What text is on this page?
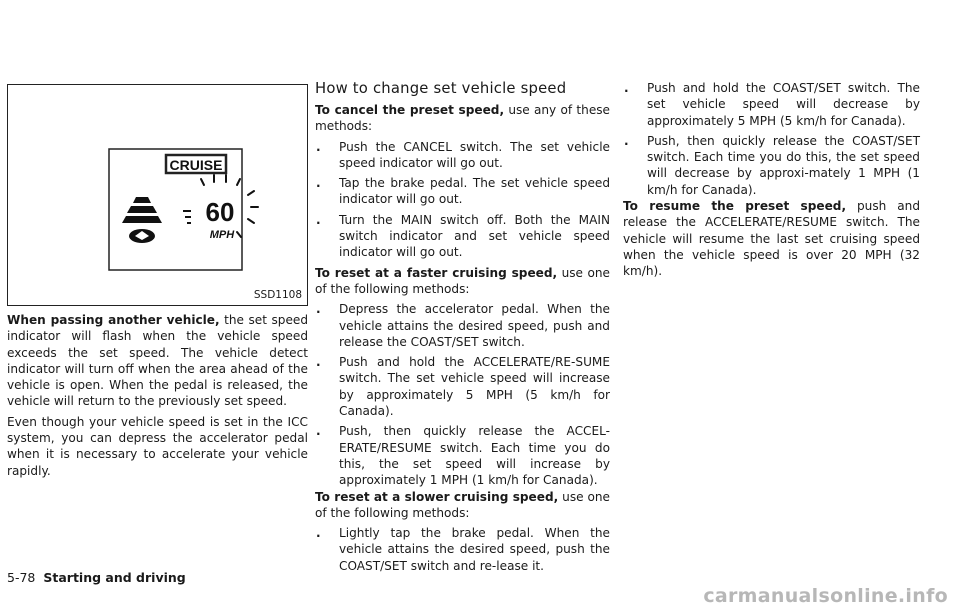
CRUISE
60
MPH
SSD1108

When passing another vehicle, the set speed indicator will flash when the vehicle speed exceeds the set speed. The vehicle detect indicator will turn off when the area ahead of the vehicle is open. When the pedal is released, the vehicle will return to the previously set speed.

Even though your vehicle speed is set in the ICC system, you can depress the accelerator pedal when it is necessary to accelerate your vehicle rapidly.

How to change set vehicle speed

To cancel the preset speed, use any of these methods:

. Push the CANCEL switch. The set vehicle speed indicator will go out.

. Tap the brake pedal. The set vehicle speed indicator will go out.

. Turn the MAIN switch off. Both the MAIN switch indicator and set vehicle speed indicator will go out.

To reset at a faster cruising speed, use one of the following methods:

. Depress the accelerator pedal. When the vehicle attains the desired speed, push and release the COAST/SET switch.

. Push and hold the ACCELERATE/RE-SUME switch. The set vehicle speed will increase by approximately 5 MPH (5 km/h for Canada).

. Push, then quickly release the ACCEL-ERATE/RESUME switch. Each time you do this, the set speed will increase by approximately 1 MPH (1 km/h for Canada).

To reset at a slower cruising speed, use one of the following methods:

. Lightly tap the brake pedal. When the vehicle attains the desired speed, push the COAST/SET switch and re-lease it.

. Push and hold the COAST/SET switch. The set vehicle speed will decrease by approximately 5 MPH (5 km/h for Canada).

. Push, then quickly release the COAST/SET switch. Each time you do this, the set speed will decrease by approxi-mately 1 MPH (1 km/h for Canada).

To resume the preset speed, push and release the ACCELERATE/RESUME switch. The vehicle will resume the last set cruising speed when the vehicle speed is over 20 MPH (32 km/h).

5-78 Starting and driving
carmanualsonline.info
